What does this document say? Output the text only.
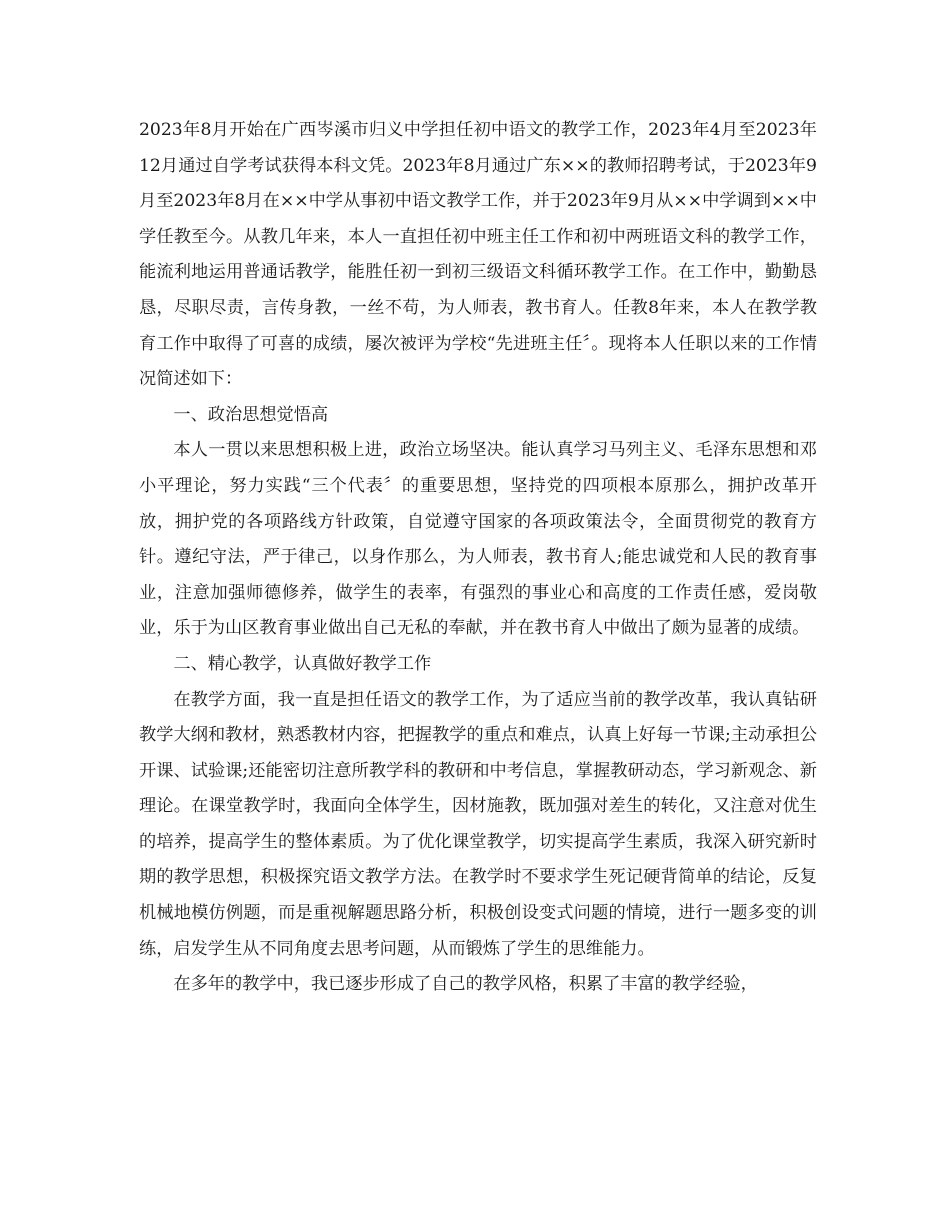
2023年8月开始在广西岑溪市归义中学担任初中语文的教学工作，2023年4月至2023年12月通过自学考试获得本科文凭。2023年8月通过广东××的教师招聘考试，于2023年9月至2023年8月在××中学从事初中语文教学工作，并于2023年9月从××中学调到××中学任教至今。从教几年来，本人一直担任初中班主任工作和初中两班语文科的教学工作，能流利地运用普通话教学，能胜任初一到初三级语文科循环教学工作。在工作中，勤勤恳恳，尽职尽责，言传身教，一丝不苟，为人师表，教书育人。任教8年来，本人在教学教育工作中取得了可喜的成绩，屡次被评为学校“先进班主任〞。现将本人任职以来的工作情况简述如下：

一、政治思想觉悟高

本人一贯以来思想积极上进，政治立场坚决。能认真学习马列主义、毛泽东思想和邓小平理论，努力实践“三个代表〞的重要思想，坚持党的四项根本原那么，拥护改革开放，拥护党的各项路线方针政策，自觉遵守国家的各项政策法令，全面贯彻党的教育方针。遵纪守法，严于律己，以身作那么，为人师表，教书育人;能忠诚党和人民的教育事业，注意加强师德修养，做学生的表率，有强烈的事业心和高度的工作责任感，爱岗敬业，乐于为山区教育事业做出自己无私的奉献，并在教书育人中做出了颇为显著的成绩。

二、精心教学，认真做好教学工作

在教学方面，我一直是担任语文的教学工作，为了适应当前的教学改革，我认真钻研教学大纲和教材，熟悉教材内容，把握教学的重点和难点，认真上好每一节课;主动承担公开课、试验课;还能密切注意所教学科的教研和中考信息，掌握教研动态，学习新观念、新理论。在课堂教学时，我面向全体学生，因材施教，既加强对差生的转化，又注意对优生的培养，提高学生的整体素质。为了优化课堂教学，切实提高学生素质，我深入研究新时期的教学思想，积极探究语文教学方法。在教学时不要求学生死记硬背简单的结论，反复机械地模仿例题，而是重视解题思路分析，积极创设变式问题的情境，进行一题多变的训练，启发学生从不同角度去思考问题，从而锻炼了学生的思维能力。

在多年的教学中，我已逐步形成了自己的教学风格，积累了丰富的教学经验，
